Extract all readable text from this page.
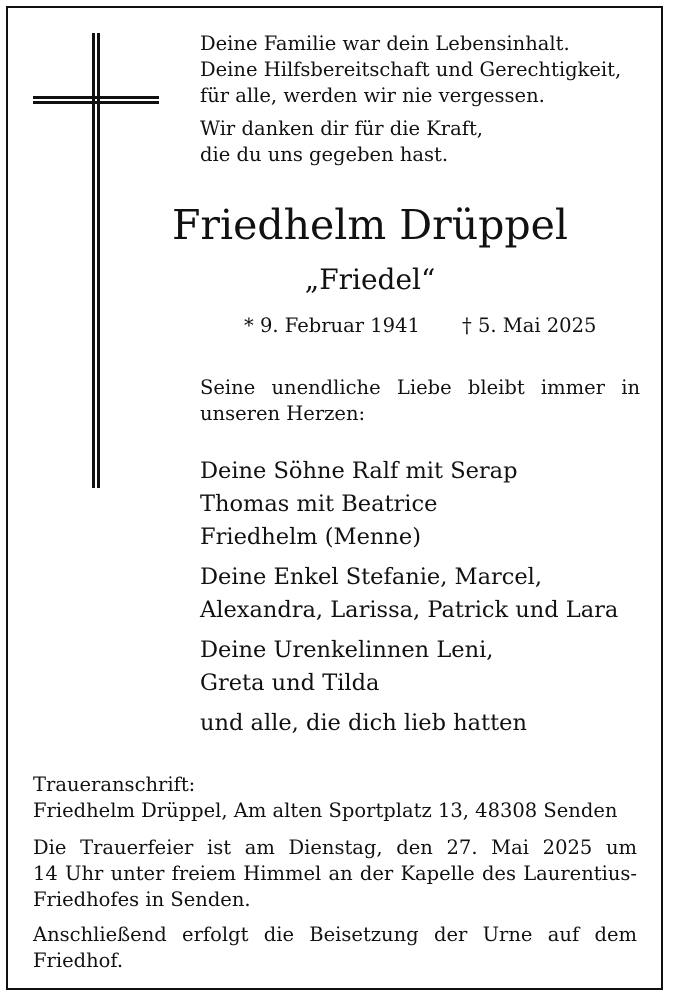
Deine Familie war dein Lebensinhalt.
Deine Hilfsbereitschaft und Gerechtigkeit,
für alle, werden wir nie vergessen.
Wir danken dir für die Kraft,
die du uns gegeben hast.
Friedhelm Drüppel
„Friedel“
* 9. Februar 1941 † 5. Mai 2025
Seine unendliche Liebe bleibt immer in
unseren Herzen:
Deine Söhne Ralf mit Serap
Thomas mit Beatrice
Friedhelm (Menne)
Deine Enkel Stefanie, Marcel,
Alexandra, Larissa, Patrick und Lara
Deine Urenkelinnen Leni,
Greta und Tilda
und alle, die dich lieb hatten
Traueranschrift:
Friedhelm Drüppel, Am alten Sportplatz 13, 48308 Senden
Die Trauerfeier ist am Dienstag, den 27. Mai 2025 um
14 Uhr unter freiem Himmel an der Kapelle des Laurentius-
Friedhofes in Senden.
Anschließend erfolgt die Beisetzung der Urne auf dem
Friedhof.
